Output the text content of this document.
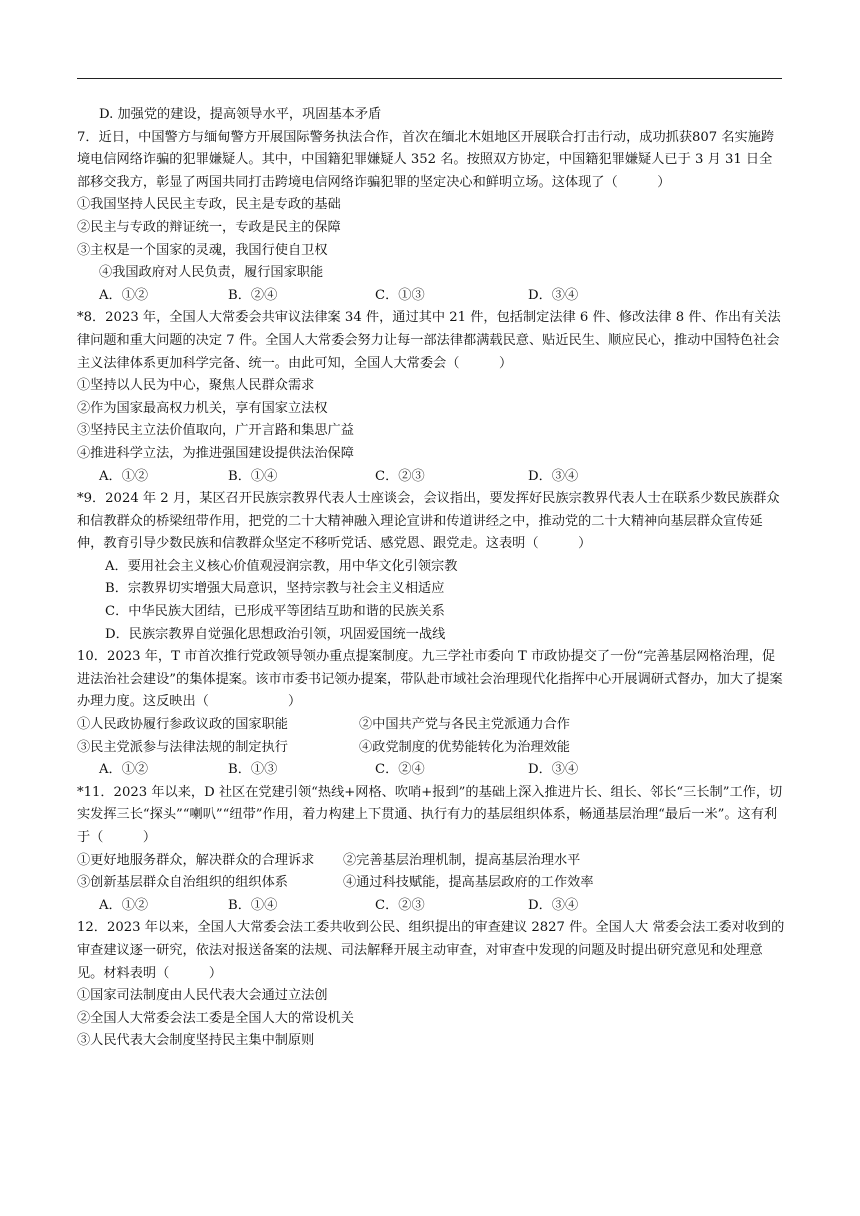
D. 加强党的建设，提高领导水平，巩固基本矛盾
7．近日，中国警方与缅甸警方开展国际警务执法合作，首次在缅北木姐地区开展联合打击行动，成功抓获807 名实施跨境电信网络诈骗的犯罪嫌疑人。其中，中国籍犯罪嫌疑人 352 名。按照双方协定，中国籍犯罪嫌疑人已于 3 月 31 日全部移交我方，彰显了两国共同打击跨境电信网络诈骗犯罪的坚定决心和鲜明立场。这体现了（　　　）
①我国坚持人民民主专政，民主是专政的基础
②民主与专政的辩证统一，专政是民主的保障
③主权是一个国家的灵魂，我国行使自卫权
④我国政府对人民负责，履行国家职能
A．①②	B．②④	C．①③	D．③④
*8．2023 年，全国人大常委会共审议法律案 34 件，通过其中 21 件，包括制定法律 6 件、修改法律 8 件、作出有关法律问题和重大问题的决定 7 件。全国人大常委会努力让每一部法律都满载民意、贴近民生、顺应民心，推动中国特色社会主义法律体系更加科学完备、统一。由此可知，全国人大常委会（　　　）
①坚持以人民为中心，聚焦人民群众需求
②作为国家最高权力机关，享有国家立法权
③坚持民主立法价值取向，广开言路和集思广益
④推进科学立法，为推进强国建设提供法治保障
A．①②	B．①④	C．②③	D．③④
*9．2024 年 2 月，某区召开民族宗教界代表人士座谈会，会议指出，要发挥好民族宗教界代表人士在联系少数民族群众和信教群众的桥梁纽带作用，把党的二十大精神融入理论宣讲和传道讲经之中，推动党的二十大精神向基层群众宣传延伸，教育引导少数民族和信教群众坚定不移听党话、感党恩、跟党走。这表明（　　　）
A．要用社会主义核心价值观浸润宗教，用中华文化引领宗教
B．宗教界切实增强大局意识，坚持宗教与社会主义相适应
C．中华民族大团结，已形成平等团结互助和谐的民族关系
D．民族宗教界自觉强化思想政治引领，巩固爱国统一战线
10．2023 年，T 市首次推行党政领导领办重点提案制度。九三学社市委向 T 市政协提交了一份“完善基层网格治理，促进法治社会建设”的集体提案。该市市委书记领办提案，带队赴市域社会治理现代化指挥中心开展调研式督办，加大了提案办理力度。这反映出（　　　　　　）
①人民政协履行参政议政的国家职能	②中国共产党与各民主党派通力合作
③民主党派参与法律法规的制定执行	④政党制度的优势能转化为治理效能
A．①②	B．①③	C．②④	D．③④
*11．2023 年以来，D 社区在党建引领“热线+网格、吹哨+报到”的基础上深入推进片长、组长、邻长“三长制”工作，切实发挥三长“探头”“喇叭”“纽带”作用，着力构建上下贯通、执行有力的基层组织体系，畅通基层治理“最后一米”。这有利于（　　　）
①更好地服务群众，解决群众的合理诉求	②完善基层治理机制，提高基层治理水平
③创新基层群众自治组织的组织体系	④通过科技赋能，提高基层政府的工作效率
A．①②	B．①④	C．②③	D．③④
12．2023 年以来，全国人大常委会法工委共收到公民、组织提出的审查建议 2827 件。全国人大 常委会法工委对收到的审查建议逐一研究，依法对报送备案的法规、司法解释开展主动审查，对审查中发现的问题及时提出研究意见和处理意见。材料表明（　　　）
①国家司法制度由人民代表大会通过立法创
②全国人大常委会法工委是全国人大的常设机关
③人民代表大会制度坚持民主集中制原则
